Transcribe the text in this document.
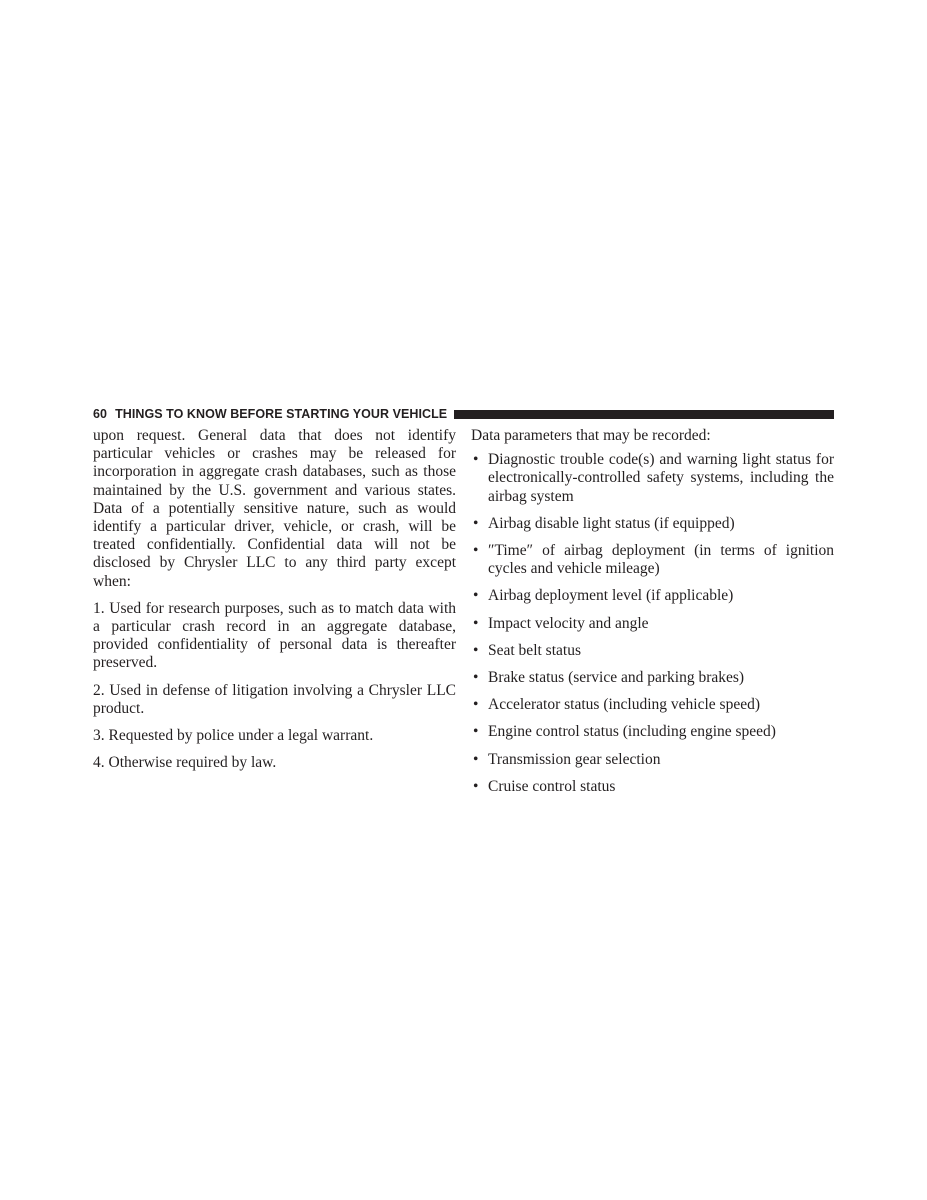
60 THINGS TO KNOW BEFORE STARTING YOUR VEHICLE

upon request. General data that does not identify particular vehicles or crashes may be released for incorporation in aggregate crash databases, such as those maintained by the U.S. government and various states. Data of a potentially sensitive nature, such as would identify a particular driver, vehicle, or crash, will be treated confidentially. Confidential data will not be disclosed by Chrysler LLC to any third party except when:

1. Used for research purposes, such as to match data with a particular crash record in an aggregate database, provided confidentiality of personal data is thereafter preserved.

2. Used in defense of litigation involving a Chrysler LLC product.

3. Requested by police under a legal warrant.

4. Otherwise required by law.

Data parameters that may be recorded:

• Diagnostic trouble code(s) and warning light status for electronically-controlled safety systems, including the airbag system
• Airbag disable light status (if equipped)
• ″Time″ of airbag deployment (in terms of ignition cycles and vehicle mileage)
• Airbag deployment level (if applicable)
• Impact velocity and angle
• Seat belt status
• Brake status (service and parking brakes)
• Accelerator status (including vehicle speed)
• Engine control status (including engine speed)
• Transmission gear selection
• Cruise control status
